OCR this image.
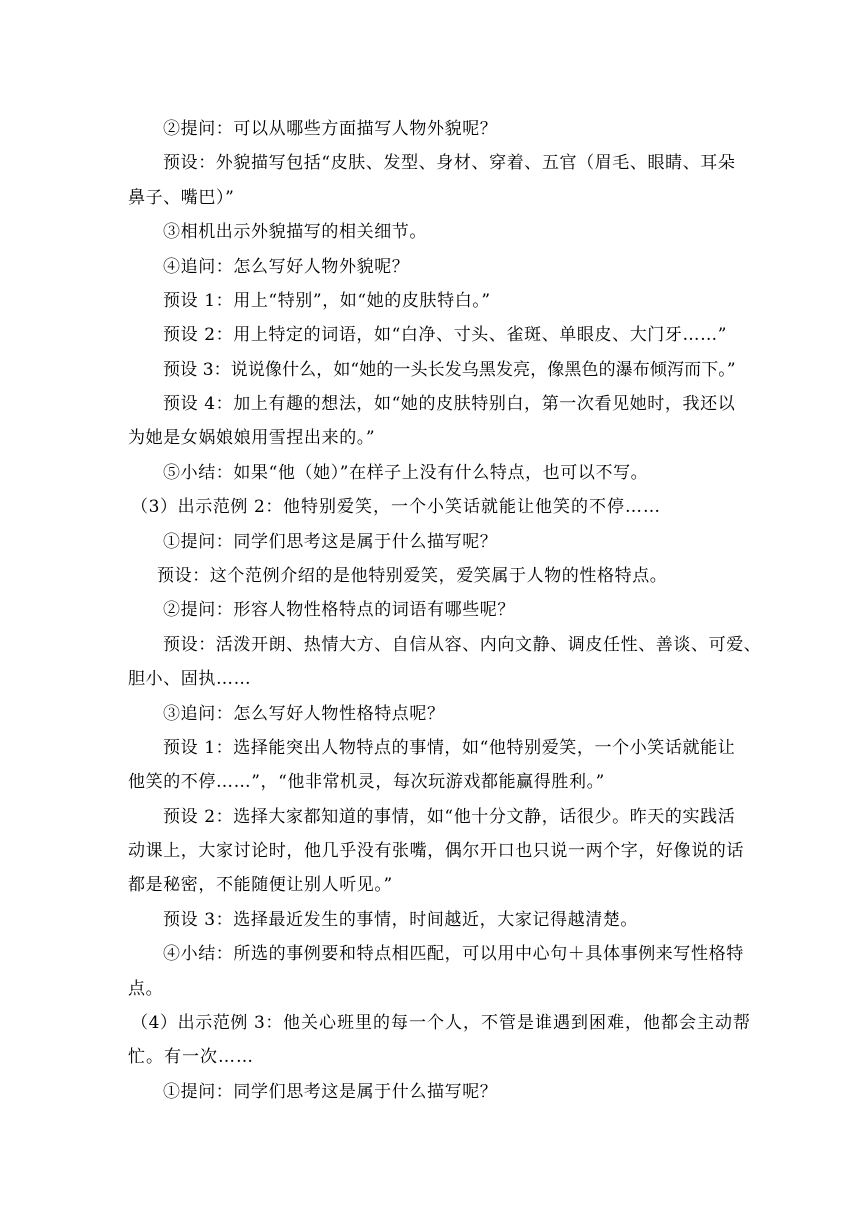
②提问：可以从哪些方面描写人物外貌呢？
预设：外貌描写包括“皮肤、发型、身材、穿着、五官（眉毛、眼睛、耳朵
鼻子、嘴巴）”
③相机出示外貌描写的相关细节。
④追问：怎么写好人物外貌呢？
预设 1：用上“特别”，如“她的皮肤特白。”
预设 2：用上特定的词语，如“白净、寸头、雀斑、单眼皮、大门牙……”
预设 3：说说像什么，如“她的一头长发乌黑发亮，像黑色的瀑布倾泻而下。”
预设 4：加上有趣的想法，如“她的皮肤特别白，第一次看见她时，我还以
为她是女娲娘娘用雪捏出来的。”
⑤小结：如果“他（她）”在样子上没有什么特点，也可以不写。
（3）出示范例 2：他特别爱笑，一个小笑话就能让他笑的不停……
①提问：同学们思考这是属于什么描写呢？
预设：这个范例介绍的是他特别爱笑，爱笑属于人物的性格特点。
②提问：形容人物性格特点的词语有哪些呢？
预设：活泼开朗、热情大方、自信从容、内向文静、调皮任性、善谈、可爱、
胆小、固执……
③追问：怎么写好人物性格特点呢？
预设 1：选择能突出人物特点的事情，如“他特别爱笑，一个小笑话就能让
他笑的不停……”，“他非常机灵，每次玩游戏都能赢得胜利。”
预设 2：选择大家都知道的事情，如“他十分文静，话很少。昨天的实践活
动课上，大家讨论时，他几乎没有张嘴，偶尔开口也只说一两个字，好像说的话
都是秘密，不能随便让别人听见。”
预设 3：选择最近发生的事情，时间越近，大家记得越清楚。
④小结：所选的事例要和特点相匹配，可以用中心句＋具体事例来写性格特
点。
（4）出示范例 3：他关心班里的每一个人，不管是谁遇到困难，他都会主动帮
忙。有一次……
①提问：同学们思考这是属于什么描写呢？
